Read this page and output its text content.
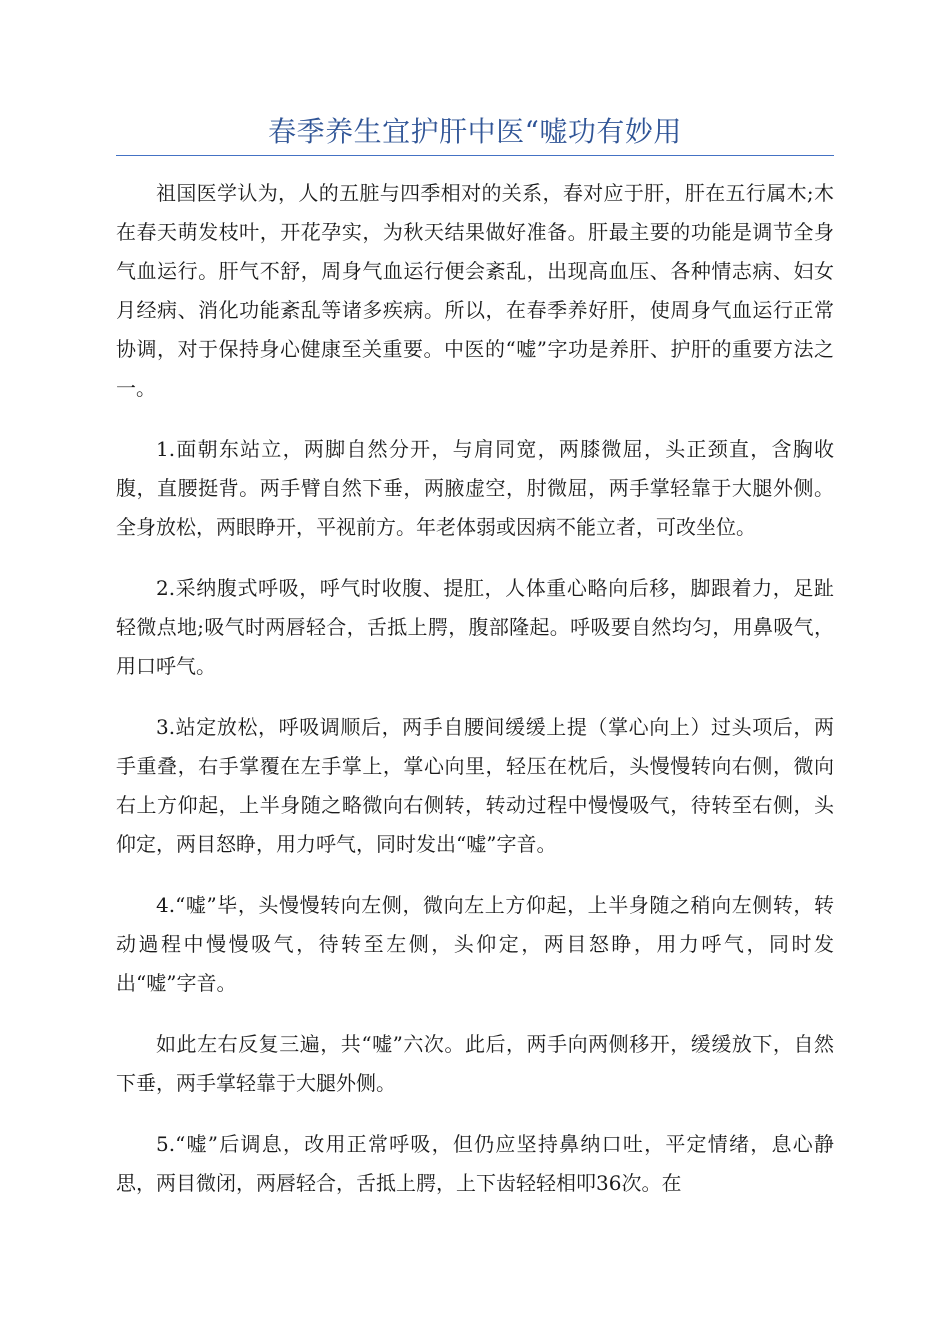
春季养生宜护肝中医“嘘功有妙用

祖国医学认为，人的五脏与四季相对的关系，春对应于肝，肝在五行属木;木在春天萌发枝叶，开花孕实，为秋天结果做好准备。肝最主要的功能是调节全身气血运行。肝气不舒，周身气血运行便会紊乱，出现高血压、各种情志病、妇女月经病、消化功能紊乱等诸多疾病。所以，在春季养好肝，使周身气血运行正常协调，对于保持身心健康至关重要。中医的“嘘”字功是养肝、护肝的重要方法之一。

1.面朝东站立，两脚自然分开，与肩同宽，两膝微屈，头正颈直，含胸收腹，直腰挺背。两手臂自然下垂，两腋虚空，肘微屈，两手掌轻靠于大腿外侧。全身放松，两眼睁开，平视前方。年老体弱或因病不能立者，可改坐位。

2.采纳腹式呼吸，呼气时收腹、提肛，人体重心略向后移，脚跟着力，足趾轻微点地;吸气时两唇轻合，舌抵上腭，腹部隆起。呼吸要自然均匀，用鼻吸气，用口呼气。

3.站定放松，呼吸调顺后，两手自腰间缓缓上提（掌心向上）过头项后，两手重叠，右手掌覆在左手掌上，掌心向里，轻压在枕后，头慢慢转向右侧，微向右上方仰起，上半身随之略微向右侧转，转动过程中慢慢吸气，待转至右侧，头仰定，两目怒睁，用力呼气，同时发出“嘘”字音。

4.“嘘”毕，头慢慢转向左侧，微向左上方仰起，上半身随之稍向左侧转，转动過程中慢慢吸气，待转至左侧，头仰定，两目怒睁，用力呼气，同时发出“嘘”字音。

如此左右反复三遍，共“嘘”六次。此后，两手向两侧移开，缓缓放下，自然下垂，两手掌轻靠于大腿外侧。

5.“嘘”后调息，改用正常呼吸，但仍应坚持鼻纳口吐，平定情绪，息心静思，两目微闭，两唇轻合，舌抵上腭，上下齿轻轻相叩36次。在
